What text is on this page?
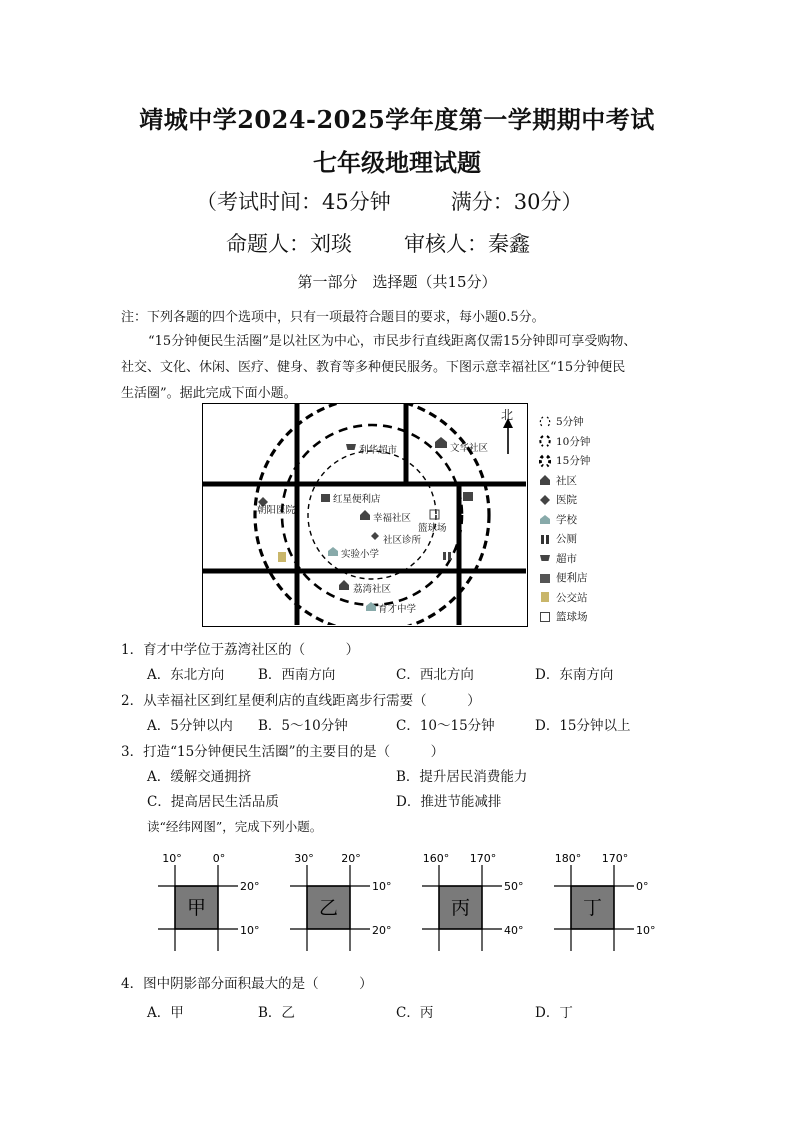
靖城中学2024-2025学年度第一学期期中考试
七年级地理试题
（考试时间：45分钟	满分：30分）
命题人：刘琰 审核人：秦鑫
第一部分　选择题（共15分）
注：下列各题的四个选项中，只有一项最符合题目的要求，每小题0.5分。
“15分钟便民生活圈”是以社区为中心，市民步行直线距离仅需15分钟即可享受购物、
社交、文化、休闲、医疗、健身、教育等多种便民服务。下图示意幸福社区“15分钟便民
生活圈”。据此完成下面小题。
北
利华超市	文华社区
红星便利店
幸福社区
朝阳医院
篮球场
社区诊所
实验小学
荔湾社区
育才中学
5分钟
10分钟
15分钟
社区
医院
学校
公厕
超市
便利店
公交站
篮球场
1．育才中学位于荔湾社区的（　　　）
A．东北方向	B．西南方向	C．西北方向	D．东南方向
2．从幸福社区到红星便利店的直线距离步行需要（　　　）
A．5分钟以内 B．5～10分钟	C．10～15分钟	D．15分钟以上
3．打造“15分钟便民生活圈”的主要目的是（　　　）
A．缓解交通拥挤	B．提升居民消费能力
C．提高居民生活品质	D．推进节能减排
读“经纬网图”，完成下列小题。
10°	0°
20°
10°
甲
30°	20°
10°
20°
乙
160° 170°
50°
40°
丙
180° 170°
0°
10°
丁
4．图中阴影部分面积最大的是（　　　）
A．甲	B．乙	C．丙	D．丁
